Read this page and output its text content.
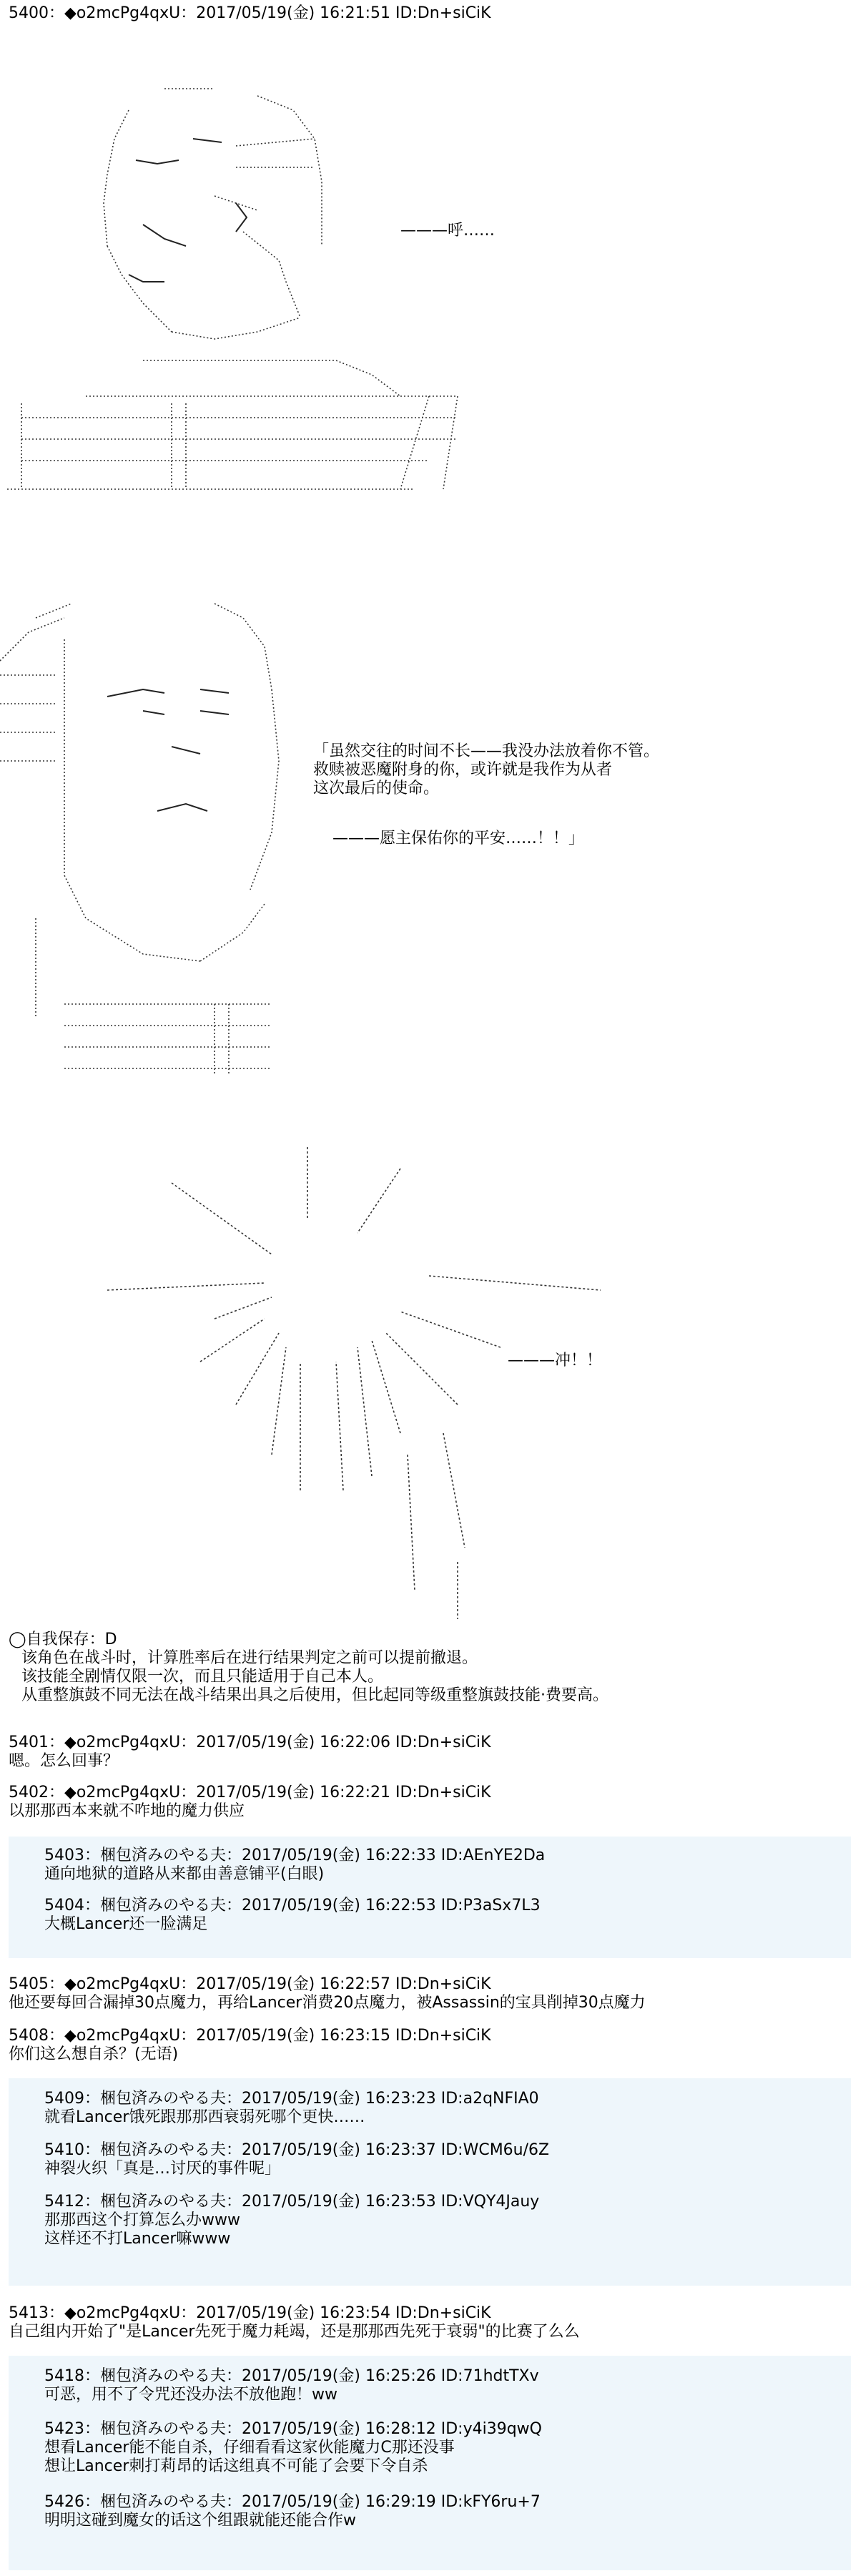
5400：◆o2mcPg4qxU：2017/05/19(金) 16:21:51 ID:Dn+siCiK

———呼……

「虽然交往的时间不长——我没办法放着你不管。
救赎被恶魔附身的你，或许就是我作为从者
这次最后的使命。
———愿主保佑你的平安……！！」

———冲！！
◯自我保存：D
该角色在战斗时，计算胜率后在进行结果判定之前可以提前撤退。
该技能全剧情仅限一次，而且只能适用于自己本人。
从重整旗鼓不同无法在战斗结果出具之后使用，但比起同等级重整旗鼓技能·费要高。
5401：◆o2mcPg4qxU：2017/05/19(金) 16:22:06 ID:Dn+siCiK
嗯。怎么回事？
5402：◆o2mcPg4qxU：2017/05/19(金) 16:22:21 ID:Dn+siCiK
以那那西本来就不咋地的魔力供应
5403：梱包済みのやる夫：2017/05/19(金) 16:22:33 ID:AEnYE2Da
通向地狱的道路从来都由善意铺平(白眼)
5404：梱包済みのやる夫：2017/05/19(金) 16:22:53 ID:P3aSx7L3
大概Lancer还一脸满足
5405：◆o2mcPg4qxU：2017/05/19(金) 16:22:57 ID:Dn+siCiK
他还要每回合漏掉30点魔力，再给Lancer消费20点魔力，被Assassin的宝具削掉30点魔力
5408：◆o2mcPg4qxU：2017/05/19(金) 16:23:15 ID:Dn+siCiK
你们这么想自杀？(无语)
5409：梱包済みのやる夫：2017/05/19(金) 16:23:23 ID:a2qNFIA0
就看Lancer饿死跟那那西衰弱死哪个更快……
5410：梱包済みのやる夫：2017/05/19(金) 16:23:37 ID:WCM6u/6Z
神裂火织「真是…讨厌的事件呢」
5412：梱包済みのやる夫：2017/05/19(金) 16:23:53 ID:VQY4Jauy
那那西这个打算怎么办www
这样还不打Lancer嘛www
5413：◆o2mcPg4qxU：2017/05/19(金) 16:23:54 ID:Dn+siCiK
自己组内开始了"是Lancer先死于魔力耗竭，还是那那西先死于衰弱"的比赛了么么
5418：梱包済みのやる夫：2017/05/19(金) 16:25:26 ID:71hdtTXv
可恶，用不了令咒还没办法不放他跑！ww
5423：梱包済みのやる夫：2017/05/19(金) 16:28:12 ID:y4i39qwQ
想看Lancer能不能自杀，仔细看看这家伙能魔力C那还没事
想让Lancer刺打莉昂的话这组真不可能了会要下令自杀
5426：梱包済みのやる夫：2017/05/19(金) 16:29:19 ID:kFY6ru+7
明明这碰到魔女的话这个组跟就能还能合作w
